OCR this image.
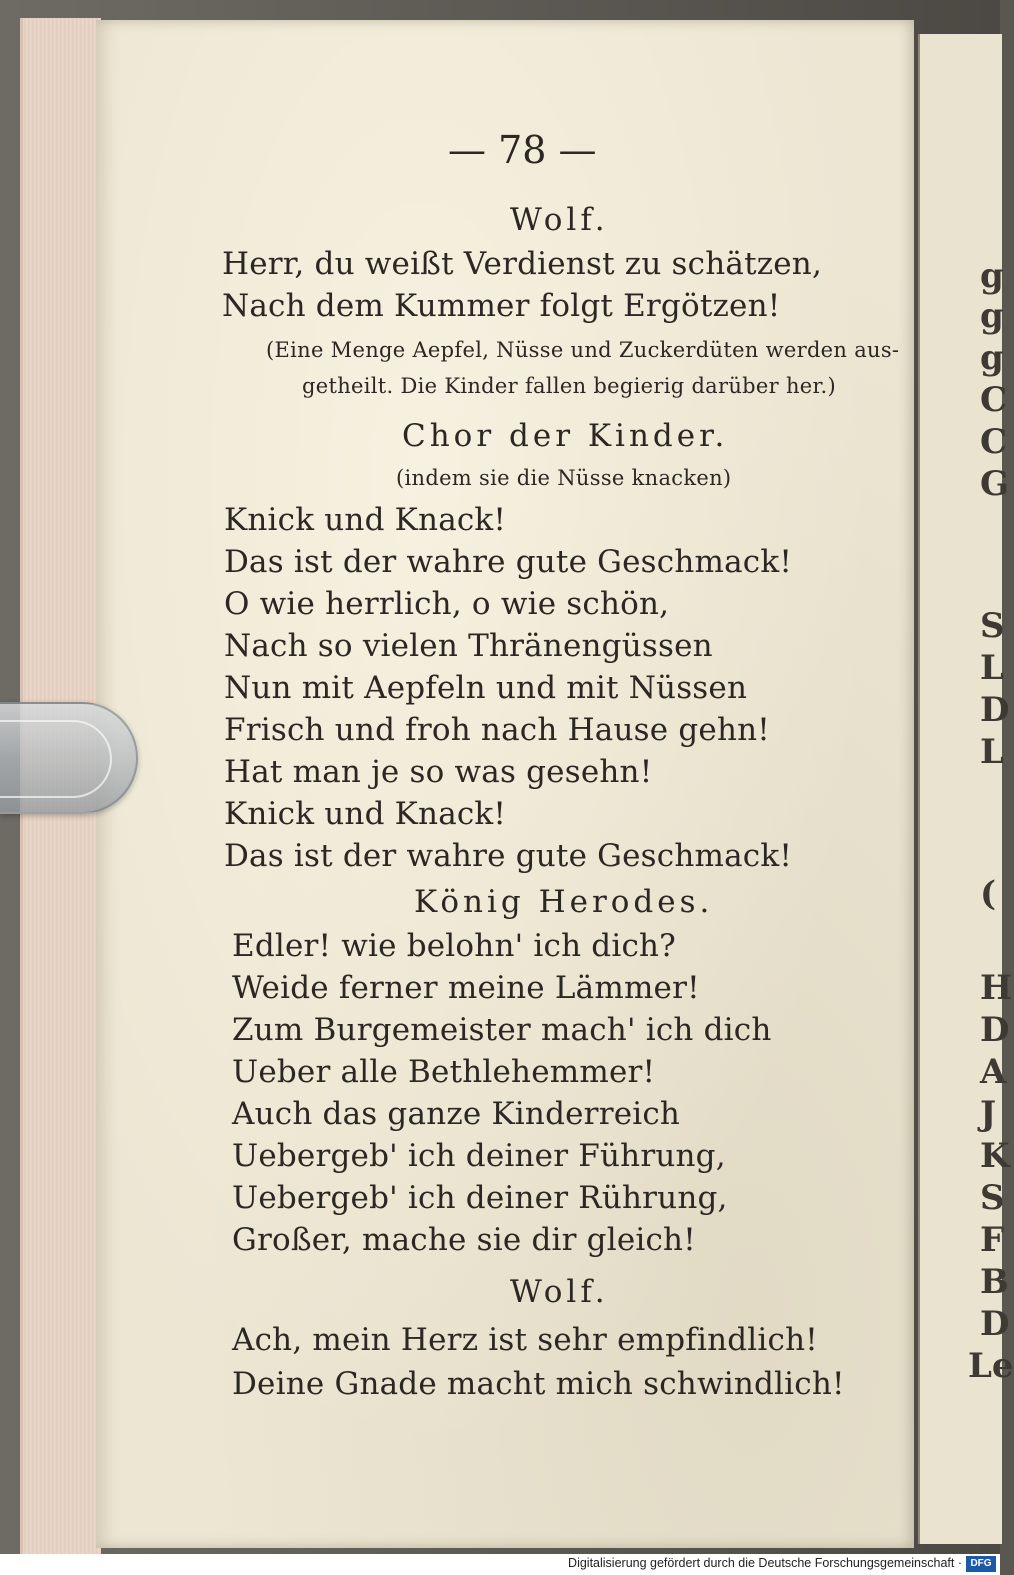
g
g
g
C
C
G
S
L
D
L
(
H
D
A
J
K
S
F
B
D
Le
— 78 —
Wolf.
Herr, du weißt Verdienst zu schätzen,
Nach dem Kummer folgt Ergötzen!
(Eine Menge Aepfel, Nüsse und Zuckerdüten werden aus-
getheilt. Die Kinder fallen begierig darüber her.)
Chor der Kinder.
(indem sie die Nüsse knacken)
Knick und Knack!
Das ist der wahre gute Geschmack!
O wie herrlich, o wie schön,
Nach so vielen Thränengüssen
Nun mit Aepfeln und mit Nüssen
Frisch und froh nach Hause gehn!
Hat man je so was gesehn!
Knick und Knack!
Das ist der wahre gute Geschmack!
König Herodes.
Edler! wie belohn' ich dich?
Weide ferner meine Lämmer!
Zum Burgemeister mach' ich dich
Ueber alle Bethlehemmer!
Auch das ganze Kinderreich
Uebergeb' ich deiner Führung,
Uebergeb' ich deiner Rührung,
Großer, mache sie dir gleich!
Wolf.
Ach, mein Herz ist sehr empfindlich!
Deine Gnade macht mich schwindlich!
Digitalisierung gefördert durch die Deutsche Forschungsgemeinschaft · DFG
